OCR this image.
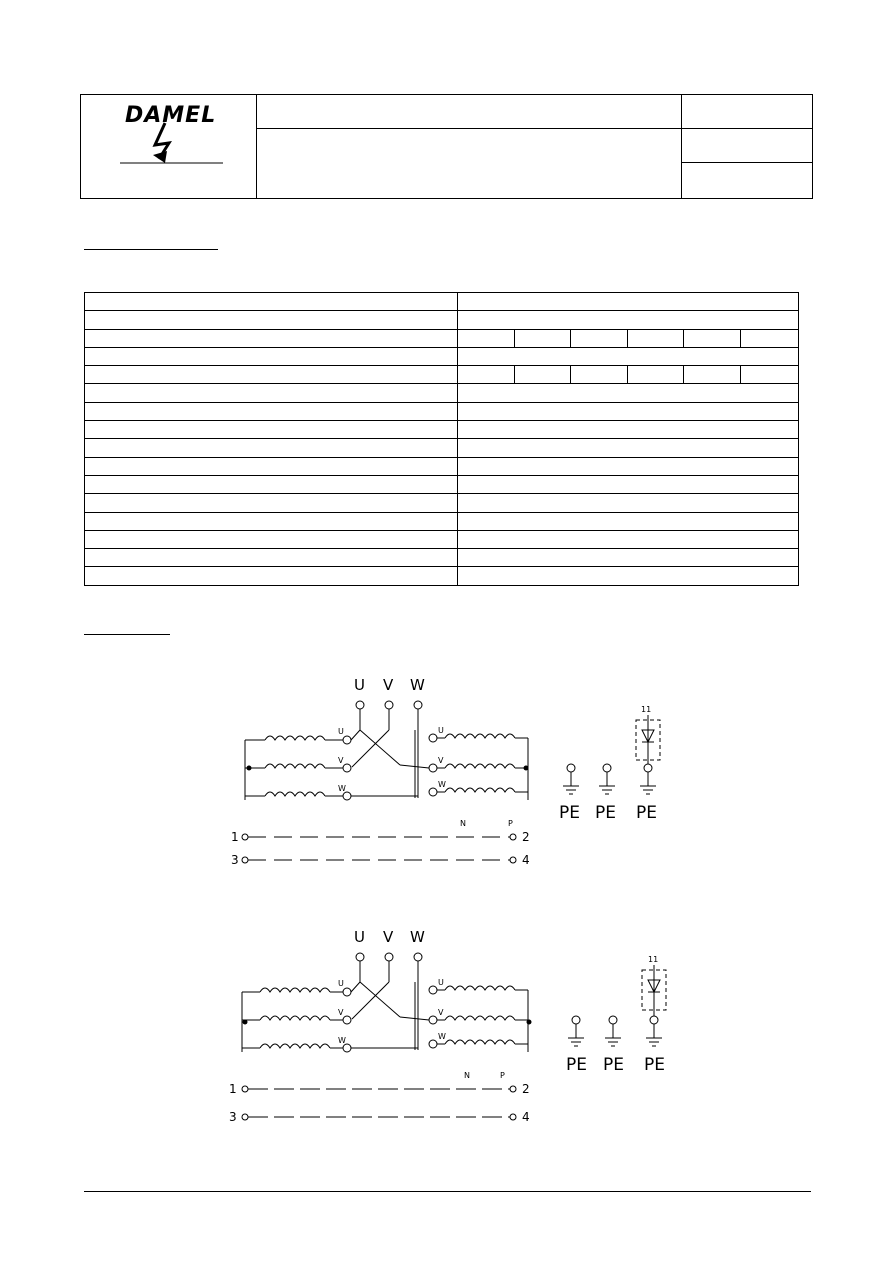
DAMEL

U V W
U
V
W
U
V
W
N	P
11
1	2
3	4
PE PE PE
U V W
U
V
W
U
V
W
N	P
11
1	2
3	4
PE PE PE
